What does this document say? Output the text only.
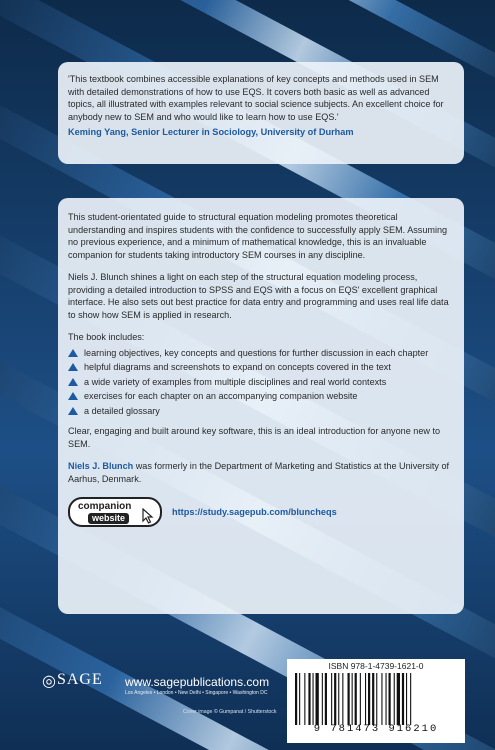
'This textbook combines accessible explanations of key concepts and methods used in SEM with detailed demonstrations of how to use EQS. It covers both basic as well as advanced topics, all illustrated with examples relevant to social science subjects. An excellent choice for anybody new to SEM and who would like to learn how to use EQS.'

Keming Yang, Senior Lecturer in Sociology, University of Durham

This student-orientated guide to structural equation modeling promotes theoretical understanding and inspires students with the confidence to successfully apply SEM. Assuming no previous experience, and a minimum of mathematical knowledge, this is an invaluable companion for students taking introductory SEM courses in any discipline.

Niels J. Blunch shines a light on each step of the structural equation modeling process, providing a detailed introduction to SPSS and EQS with a focus on EQS' excellent graphical interface. He also sets out best practice for data entry and programming and uses real life data to show how SEM is applied in research.

The book includes:

learning objectives, key concepts and questions for further discussion in each chapter
helpful diagrams and screenshots to expand on concepts covered in the text
a wide variety of examples from multiple disciplines and real world contexts
exercises for each chapter on an accompanying companion website
a detailed glossary

Clear, engaging and built around key software, this is an ideal introduction for anyone new to SEM.

Niels J. Blunch was formerly in the Department of Marketing and Statistics at the University of Aarhus, Denmark.

companion
website
https://study.sagepub.com/bluncheqs
$^{◎SAGE}$ www.sagepublications.com
Los Angeles • London • New Delhi • Singapore • Washington DC
Cover image © Gumpanat / Shutterstock
ISBN 978-1-4739-1621-0
9 781473 916210
